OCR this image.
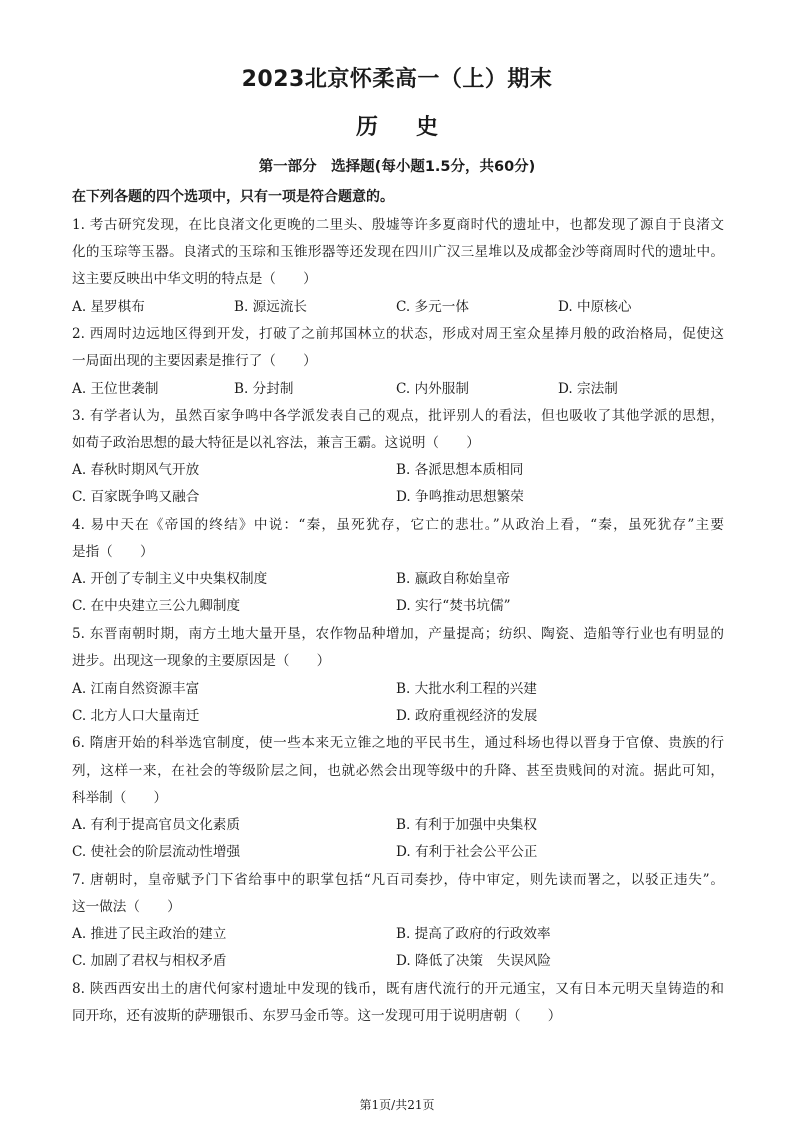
2023北京怀柔高一（上）期末
历史
第一部分　选择题(每小题1.5分，共60分)
在下列各题的四个选项中，只有一项是符合题意的。
1. 考古研究发现，在比良渚文化更晚的二里头、殷墟等许多夏商时代的遗址中，也都发现了源自于良渚文
化的玉琮等玉器。良渚式的玉琮和玉锥形器等还发现在四川广汉三星堆以及成都金沙等商周时代的遗址中。
这主要反映出中华文明的特点是（　　）
A. 星罗棋布	B. 源远流长	C. 多元一体	D. 中原核心
2. 西周时边远地区得到开发，打破了之前邦国林立的状态，形成对周王室众星捧月般的政治格局，促使这
一局面出现的主要因素是推行了（　　）
A. 王位世袭制	B. 分封制	C. 内外服制	D. 宗法制
3. 有学者认为，虽然百家争鸣中各学派发表自己的观点，批评别人的看法，但也吸收了其他学派的思想，
如荀子政治思想的最大特征是以礼容法，兼言王霸。这说明（　　）
A. 春秋时期风气开放	B. 各派思想本质相同
C. 百家既争鸣又融合	D. 争鸣推动思想繁荣
4. 易中天在《帝国的终结》中说：“秦，虽死犹存，它亡的悲壮。”从政治上看，“秦，虽死犹存”主要
是指（　　）
A. 开创了专制主义中央集权制度	B. 嬴政自称始皇帝
C. 在中央建立三公九卿制度	D. 实行“焚书坑儒”
5. 东晋南朝时期，南方土地大量开垦，农作物品种增加，产量提高；纺织、陶瓷、造船等行业也有明显的
进步。出现这一现象的主要原因是（　　）
A. 江南自然资源丰富	B. 大批水利工程的兴建
C. 北方人口大量南迁	D. 政府重视经济的发展
6. 隋唐开始的科举选官制度，使一些本来无立锥之地的平民书生，通过科场也得以晋身于官僚、贵族的行
列，这样一来，在社会的等级阶层之间，也就必然会出现等级中的升降、甚至贵贱间的对流。据此可知，
科举制（　　）
A. 有利于提高官员文化素质	B. 有利于加强中央集权
C. 使社会的阶层流动性增强	D. 有利于社会公平公正
7. 唐朝时，皇帝赋予门下省给事中的职掌包括“凡百司奏抄，侍中审定，则先读而署之，以驳正违失”。
这一做法（　　）
A. 推进了民主政治的建立	B. 提高了政府的行政效率
C. 加剧了君权与相权矛盾	D. 降低了决策　失误风险
8. 陕西西安出土的唐代何家村遗址中发现的钱币，既有唐代流行的开元通宝，又有日本元明天皇铸造的和
同开珎，还有波斯的萨珊银币、东罗马金币等。这一发现可用于说明唐朝（　　）
第1页/共21页
